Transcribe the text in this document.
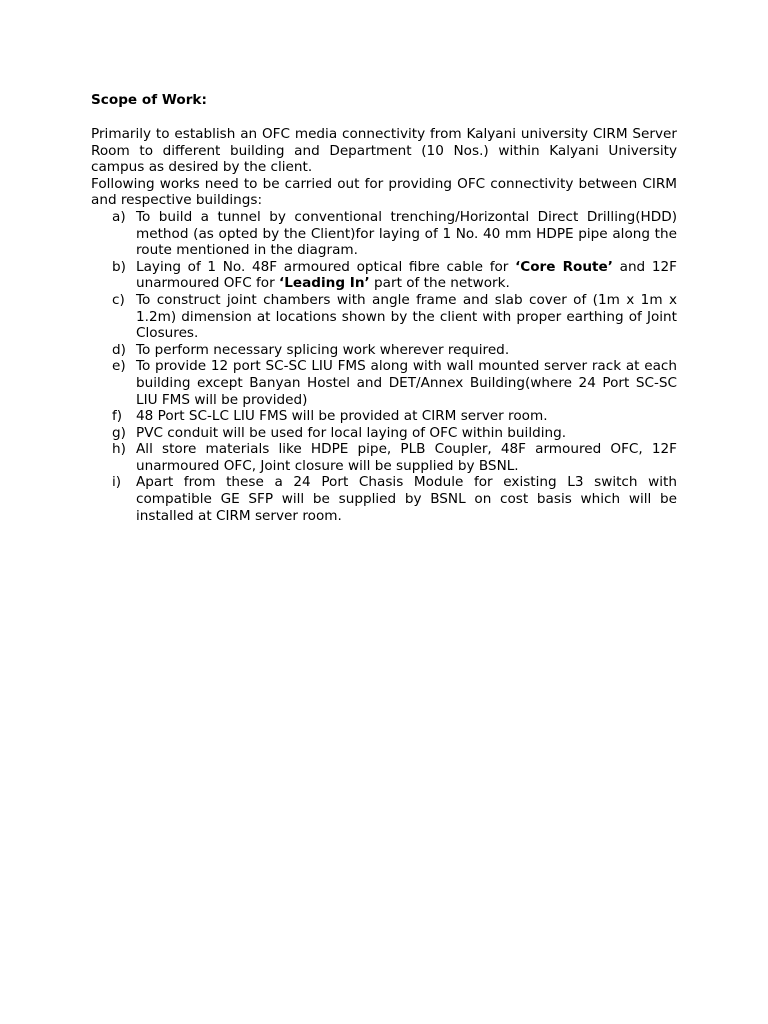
Scope of Work:

Primarily to establish an OFC media connectivity from Kalyani university CIRM Server Room to different building and Department (10 Nos.) within Kalyani University campus as desired by the client.

Following works need to be carried out for providing OFC connectivity between CIRM and respective buildings:

a) To build a tunnel by conventional trenching/Horizontal Direct Drilling(HDD) method (as opted by the Client)for laying of 1 No. 40 mm HDPE pipe along the route mentioned in the diagram.
b) Laying of 1 No. 48F armoured optical fibre cable for ‘Core Route’ and 12F unarmoured OFC for ‘Leading In’ part of the network.
c) To construct joint chambers with angle frame and slab cover of (1m x 1m x 1.2m) dimension at locations shown by the client with proper earthing of Joint Closures.
d) To perform necessary splicing work wherever required.
e) To provide 12 port SC-SC LIU FMS along with wall mounted server rack at each building except Banyan Hostel and DET/Annex Building(where 24 Port SC-SC LIU FMS will be provided)
f) 48 Port SC-LC LIU FMS will be provided at CIRM server room.
g) PVC conduit will be used for local laying of OFC within building.
h) All store materials like HDPE pipe, PLB Coupler, 48F armoured OFC, 12F unarmoured OFC, Joint closure will be supplied by BSNL.
i) Apart from these a 24 Port Chasis Module for existing L3 switch with compatible GE SFP will be supplied by BSNL on cost basis which will be installed at CIRM server room.
